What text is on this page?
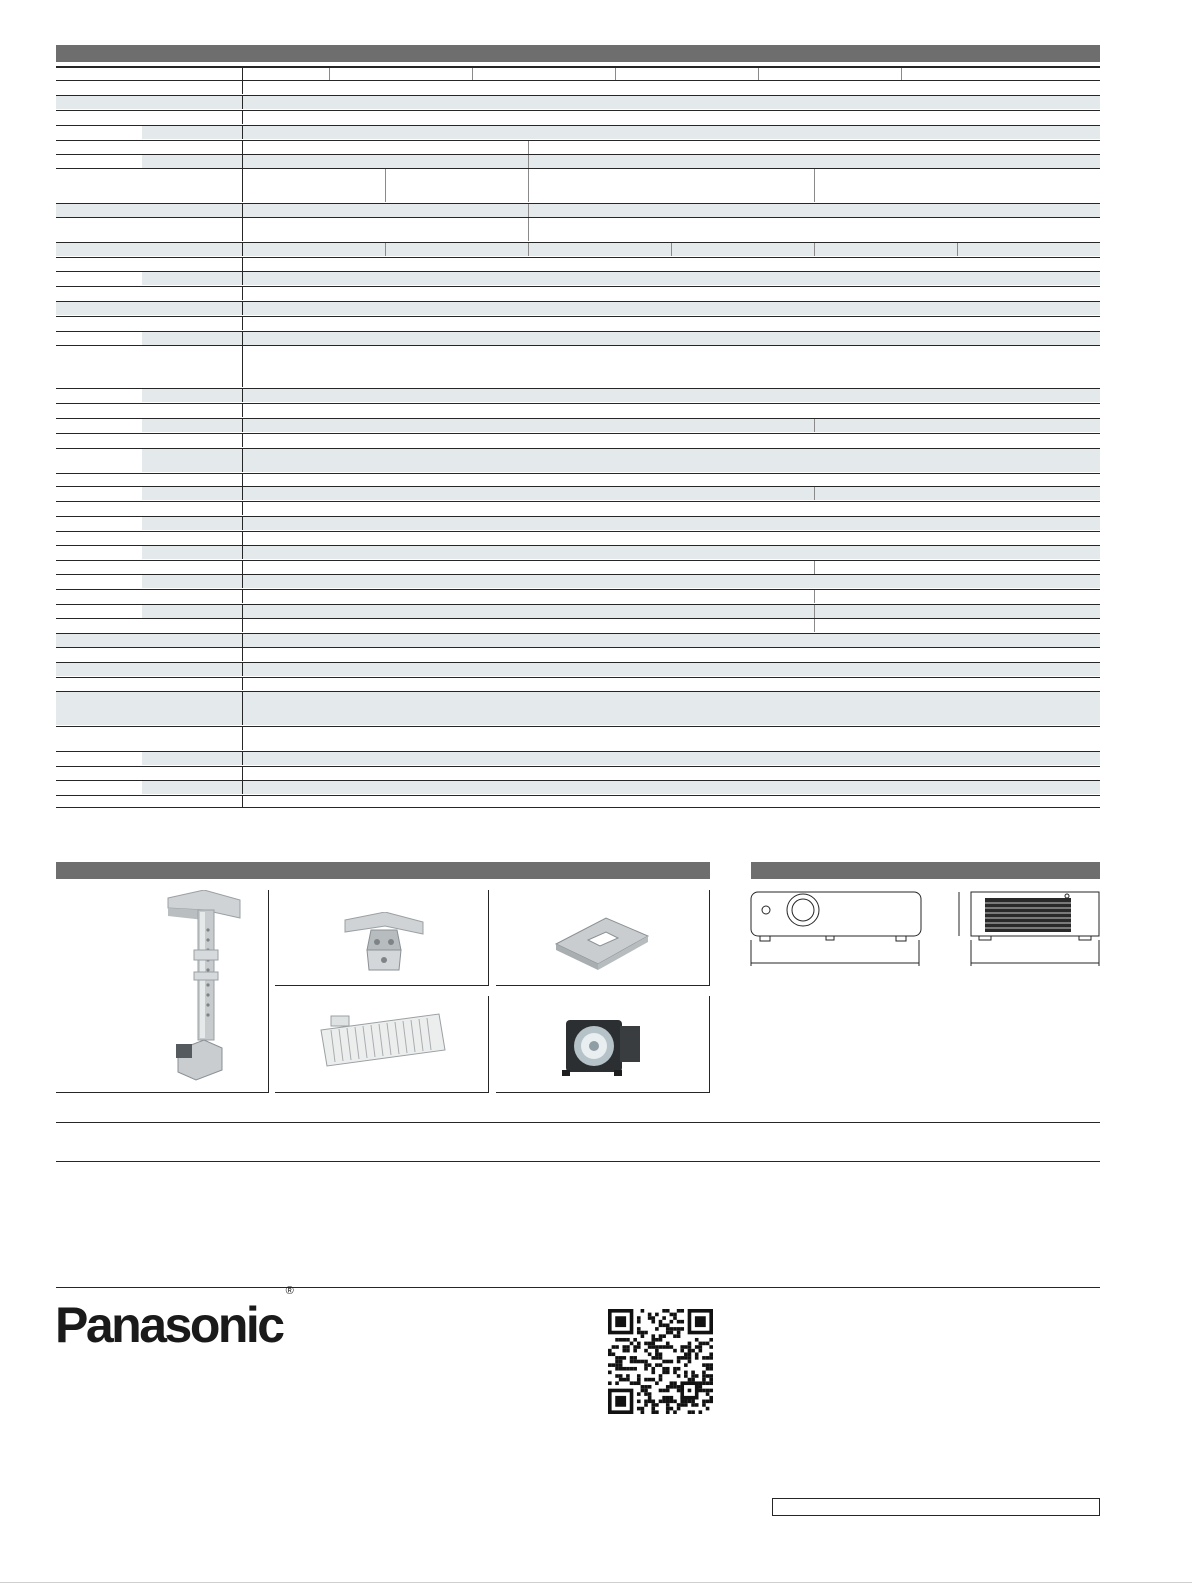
Panasonic®
